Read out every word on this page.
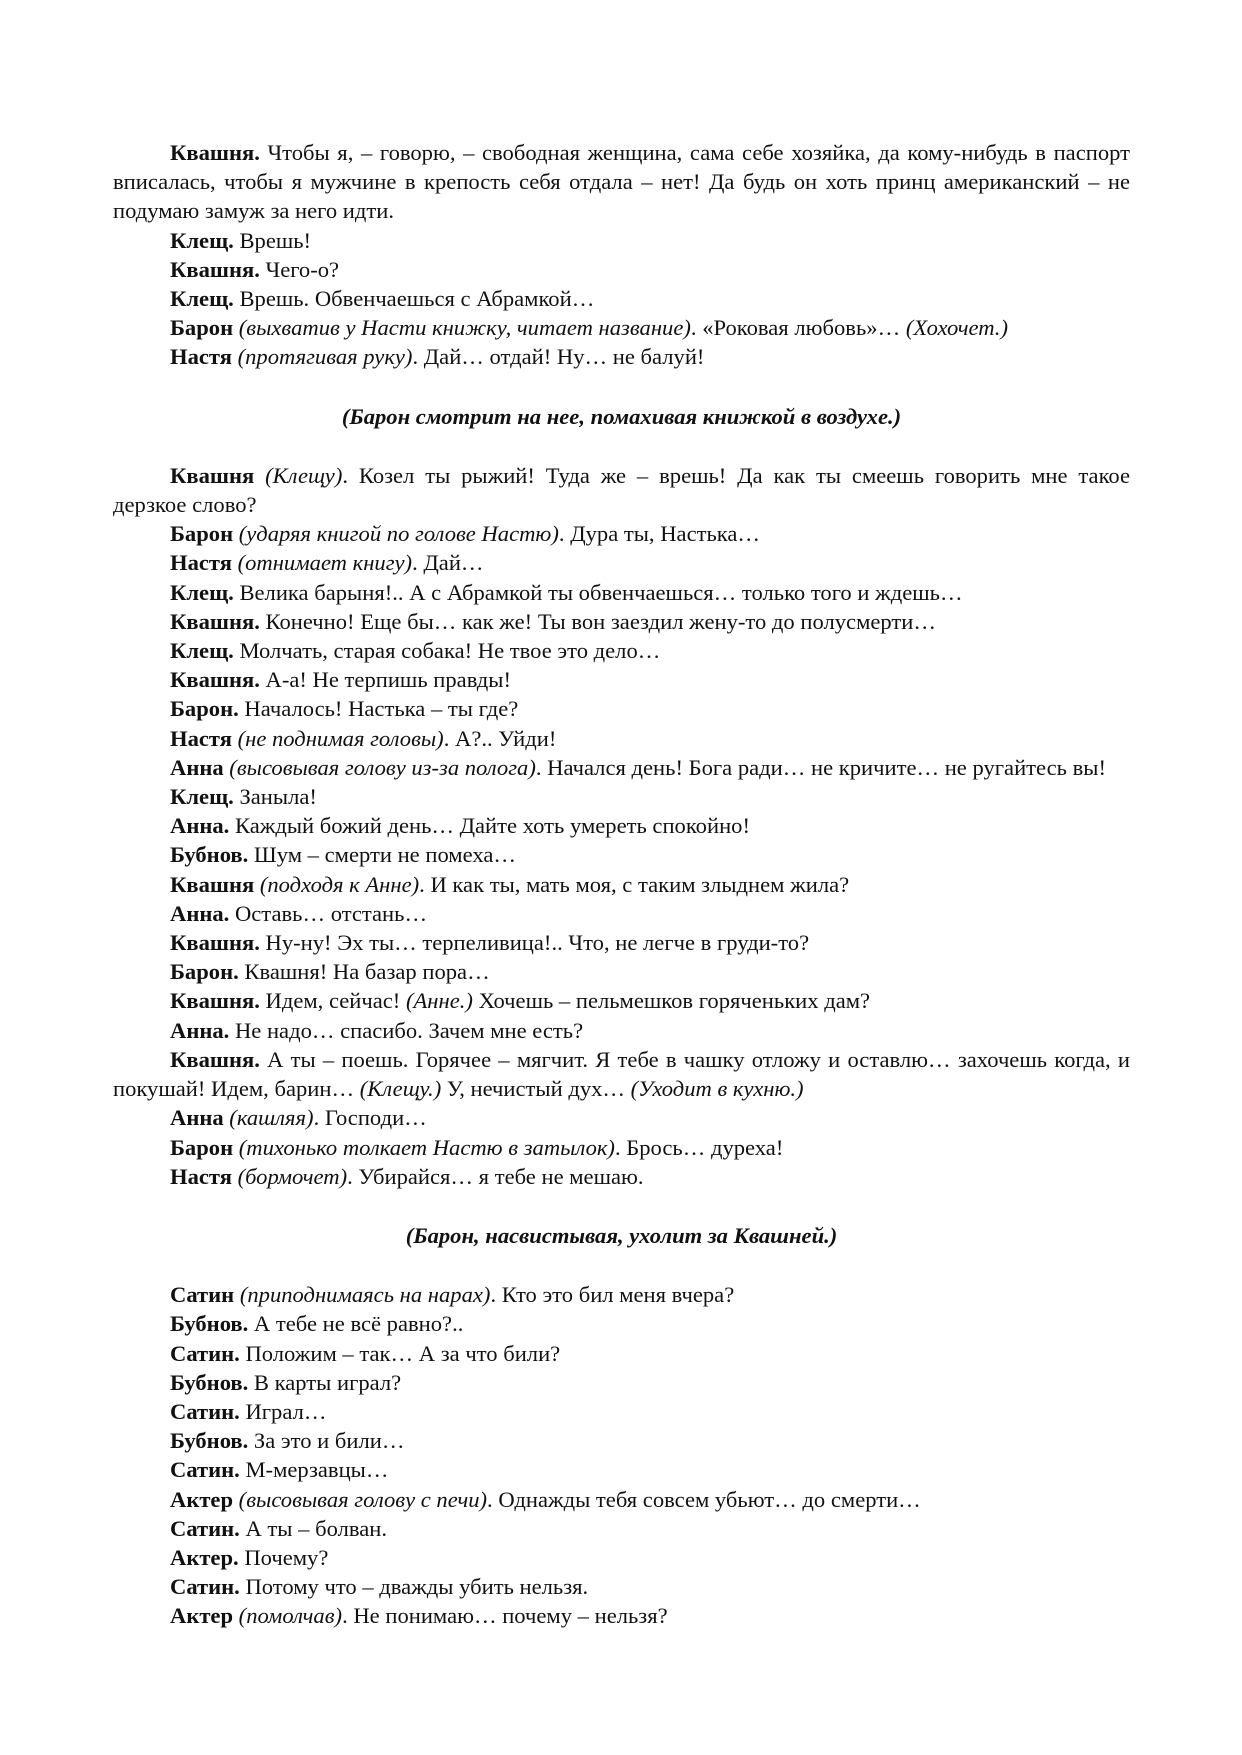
Квашня. Чтобы я, – говорю, – свободная женщина, сама себе хозяйка, да кому-нибудь в паспорт вписалась, чтобы я мужчине в крепость себя отдала – нет! Да будь он хоть принц американский – не подумаю замуж за него идти.

Клещ. Врешь!

Квашня. Чего-о?

Клещ. Врешь. Обвенчаешься с Абрамкой…

Барон (выхватив у Насти книжку, читает название). «Роковая любовь»… (Хохочет.)

Настя (протягивая руку). Дай… отдай! Ну… не балуй!

(Барон смотрит на нее, помахивая книжкой в воздухе.)

Квашня (Клещу). Козел ты рыжий! Туда же – врешь! Да как ты смеешь говорить мне такое дерзкое слово?

Барон (ударяя книгой по голове Настю). Дура ты, Настька…

Настя (отнимает книгу). Дай…

Клещ. Велика барыня!.. А с Абрамкой ты обвенчаешься… только того и ждешь…

Квашня. Конечно! Еще бы… как же! Ты вон заездил жену-то до полусмерти…

Клещ. Молчать, старая собака! Не твое это дело…

Квашня. А-а! Не терпишь правды!

Барон. Началось! Настька – ты где?

Настя (не поднимая головы). А?.. Уйди!

Анна (высовывая голову из-за полога). Начался день! Бога ради… не кричите… не ругайтесь вы!

Клещ. Заныла!

Анна. Каждый божий день… Дайте хоть умереть спокойно!

Бубнов. Шум – смерти не помеха…

Квашня (подходя к Анне). И как ты, мать моя, с таким злыднем жила?

Анна. Оставь… отстань…

Квашня. Ну-ну! Эх ты… терпеливица!.. Что, не легче в груди-то?

Барон. Квашня! На базар пора…

Квашня. Идем, сейчас! (Анне.) Хочешь – пельмешков горяченьких дам?

Анна. Не надо… спасибо. Зачем мне есть?

Квашня. А ты – поешь. Горячее – мягчит. Я тебе в чашку отложу и оставлю… захочешь когда, и покушай! Идем, барин… (Клещу.) У, нечистый дух… (Уходит в кухню.)

Анна (кашляя). Господи…

Барон (тихонько толкает Настю в затылок). Брось… дуреха!

Настя (бормочет). Убирайся… я тебе не мешаю.

(Барон, насвистывая, ухолит за Квашней.)

Сатин (приподнимаясь на нарах). Кто это бил меня вчера?

Бубнов. А тебе не всё равно?..

Сатин. Положим – так… А за что били?

Бубнов. В карты играл?

Сатин. Играл…

Бубнов. За это и били…

Сатин. М-мерзавцы…

Актер (высовывая голову с печи). Однажды тебя совсем убьют… до смерти…

Сатин. А ты – болван.

Актер. Почему?

Сатин. Потому что – дважды убить нельзя.

Актер (помолчав). Не понимаю… почему – нельзя?
